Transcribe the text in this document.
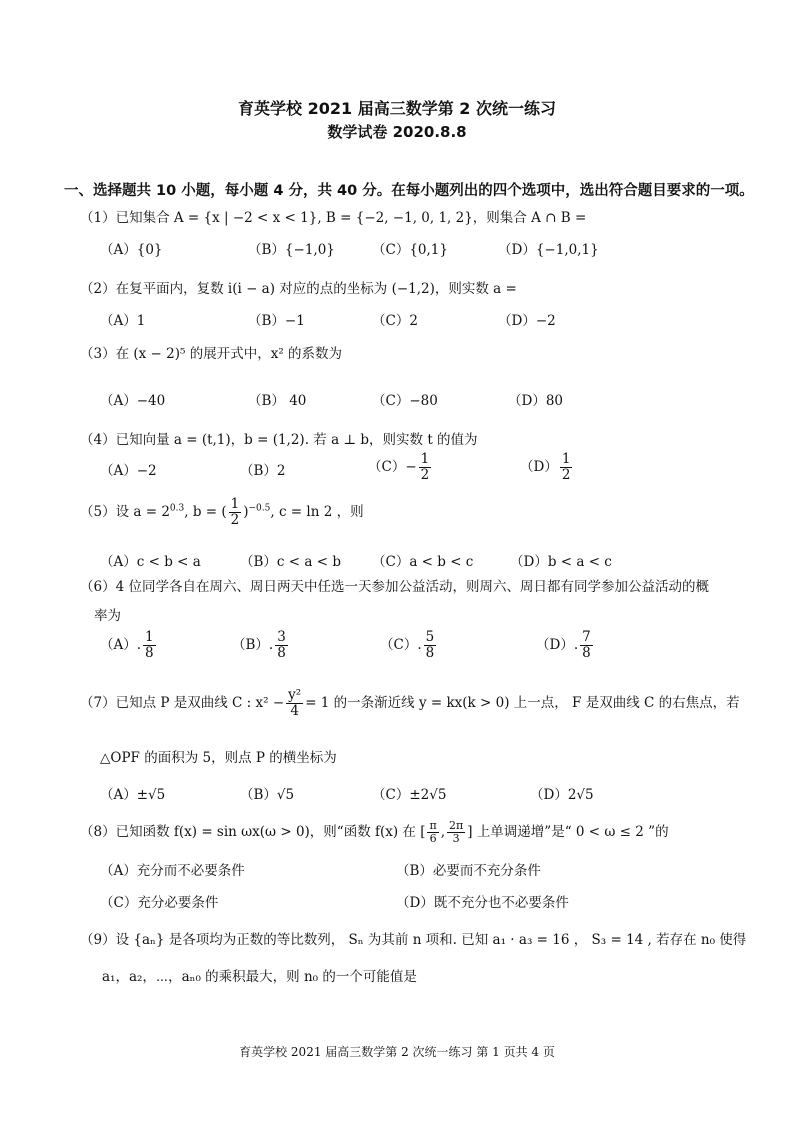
育英学校 2021 届高三数学第 2 次统一练习
数学试卷 2020.8.8
一、选择题共 10 小题，每小题 4 分，共 40 分。在每小题列出的四个选项中，选出符合题目要求的一项。
（1）已知集合 A = {x | −2 < x < 1}, B = {−2, −1, 0, 1, 2}，则集合 A ∩ B =
（A）{0}	（B）{−1,0}	（C）{0,1}	（D）{−1,0,1}
（2）在复平面内，复数 i(i − a) 对应的点的坐标为 (−1,2)，则实数 a =
（A）1	（B）−1	（C）2	（D）−2
（3）在 (x − 2)⁵ 的展开式中，x² 的系数为
（A）−40	（B） 40	（C）−80	（D）80
（4）已知向量 a = (t,1)，b = (1,2). 若 a ⊥ b，则实数 t 的值为
（A）−2	（B）2	$(C)- \frac{1}{2}$	$(D) \frac{1}{2}$
（5）设 $a = 2^{0.3}$, b = ( $\frac{1}{2} )^{-0.5}$, c = ln 2 ，则
（A）c < b < a	（B）c < a < b （C）a < b < c	（D）b < a < c
（6）4 位同学各自在周六、周日两天中任选一天参加公益活动，则周六、周日都有同学参加公益活动的概
率为
（A）. $\frac{1}{8}$	（B）. $\frac{3}{8}$	（C）. $\frac{5}{8}$	（D）. $\frac{7}{8}$
（7）已知点 P 是双曲线 C : $x^2 - \frac{\text{y²}}{4} = 1$ 的一条渐近线 y = kx(k > 0) 上一点， F 是双曲线 C 的右焦点，若
△OPF 的面积为 5，则点 P 的横坐标为
（A）±√5	（B）√5	（C）±2√5	（D）2√5
（8）已知函数 f(x) = sin ωx(ω > 0)，则“函数 f(x) 在 [ $\frac{\pi}{6}$ , $\frac{2\pi}{3}$ ] 上单调递增”是“ 0 < ω ≤ 2 ”的
（A）充分而不必要条件	（B）必要而不充分条件
（C）充分必要条件	（D）既不充分也不必要条件
（9）设 {aₙ} 是各项均为正数的等比数列， Sₙ 为其前 n 项和. 已知 a₁ · a₃ = 16 ， S₃ = 14 , 若存在 n₀ 使得
a₁，a₂，⋯，aₙ₀ 的乘积最大，则 n₀ 的一个可能值是
育英学校 2021 届高三数学第 2 次统一练习 第 1 页共 4 页
